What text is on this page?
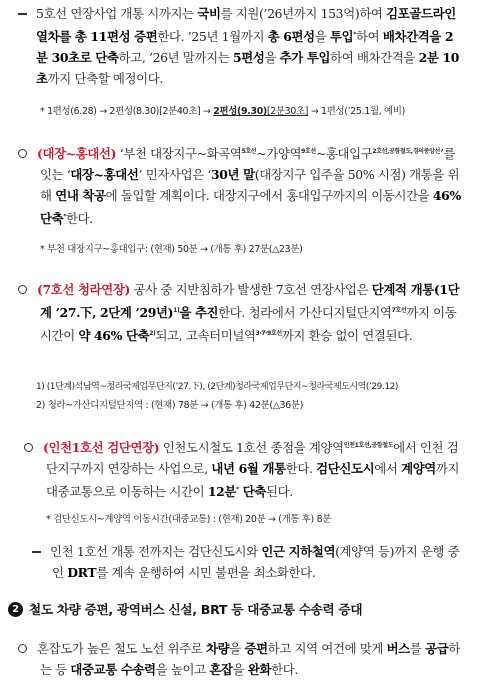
5호선 연장사업 개통 시까지는 국비를 지원(’26년까지 153억)하여 김포골드라인 열차를 총 11편성 증편한다. ’25년 1월까지 총 6편성을 투입*하여 배차간격을 2분 30초로 단축하고, ’26년 말까지는 5편성을 추가 투입하여 배차간격을 2분 10초까지 단축할 예정이다.
* 1편성(6.28) → 2편성(8.30)[2분40초] → 2편성(9.30)[2분30초] → 1편성(’25.1월, 예비)
(대장~홍대선) ‘부천 대장지구~화곡역$^{5호선}$~가양역$^{9호선}$~홍대입구$^{2호선,공항철도,경의중앙선}$’를 잇는 ‘대장~홍대선’ 민자사업은 ‘30년 말(대장지구 입주율 50% 시점) 개통을 위해 연내 착공에 돌입할 계획이다. 대장지구에서 홍대입구까지의 이동시간을 46% 단축*한다.
* 부천 대장지구~홍대입구: (현재) 50분 → (개통 후) 27분(△23분)
(7호선 청라연장) 공사 중 지반침하가 발생한 7호선 연장사업은 단계적 개통(1단계 ’27.下, 2단계 ’29년)$^{1)}$을 추진한다. 청라에서 가산디지털단지역$^{7호선}$까지 이동시간이 약 46% 단축$^{2)}$되고, 고속터미널역$^{3\cdot 7\cdot 9호선}$까지 환승 없이 연결된다.
1) (1단계)석남역~청라국제업무단지(’27.下), (2단계)청라국제업무단지~청라국제도시역(’29.12)
2) 청라~가산디지털단지역 : (현재) 78분 → (개통 후) 42분(△36분)
(인천1호선 검단연장) 인천도시철도 1호선 종점을 계양역$^{인천1호선,공항철도}$에서 인천 검단지구까지 연장하는 사업으로, 내년 6월 개통한다. 검단신도시에서 계양역까지 대중교통으로 이동하는 시간이 12분* 단축된다.
* 검단신도시~계양역 이동시간(대중교통) : (현재) 20분 → (개통 후) 8분
인천 1호선 개통 전까지는 검단신도시와 인근 지하철역(계양역 등)까지 운행 중인 DRT를 계속 운행하여 시민 불편을 최소화한다.
2 철도 차량 증편, 광역버스 신설, BRT 등 대중교통 수송력 증대
혼잡도가 높은 철도 노선 위주로 차량을 증편하고 지역 여건에 맞게 버스를 공급하는 등 대중교통 수송력을 높이고 혼잡을 완화한다.
